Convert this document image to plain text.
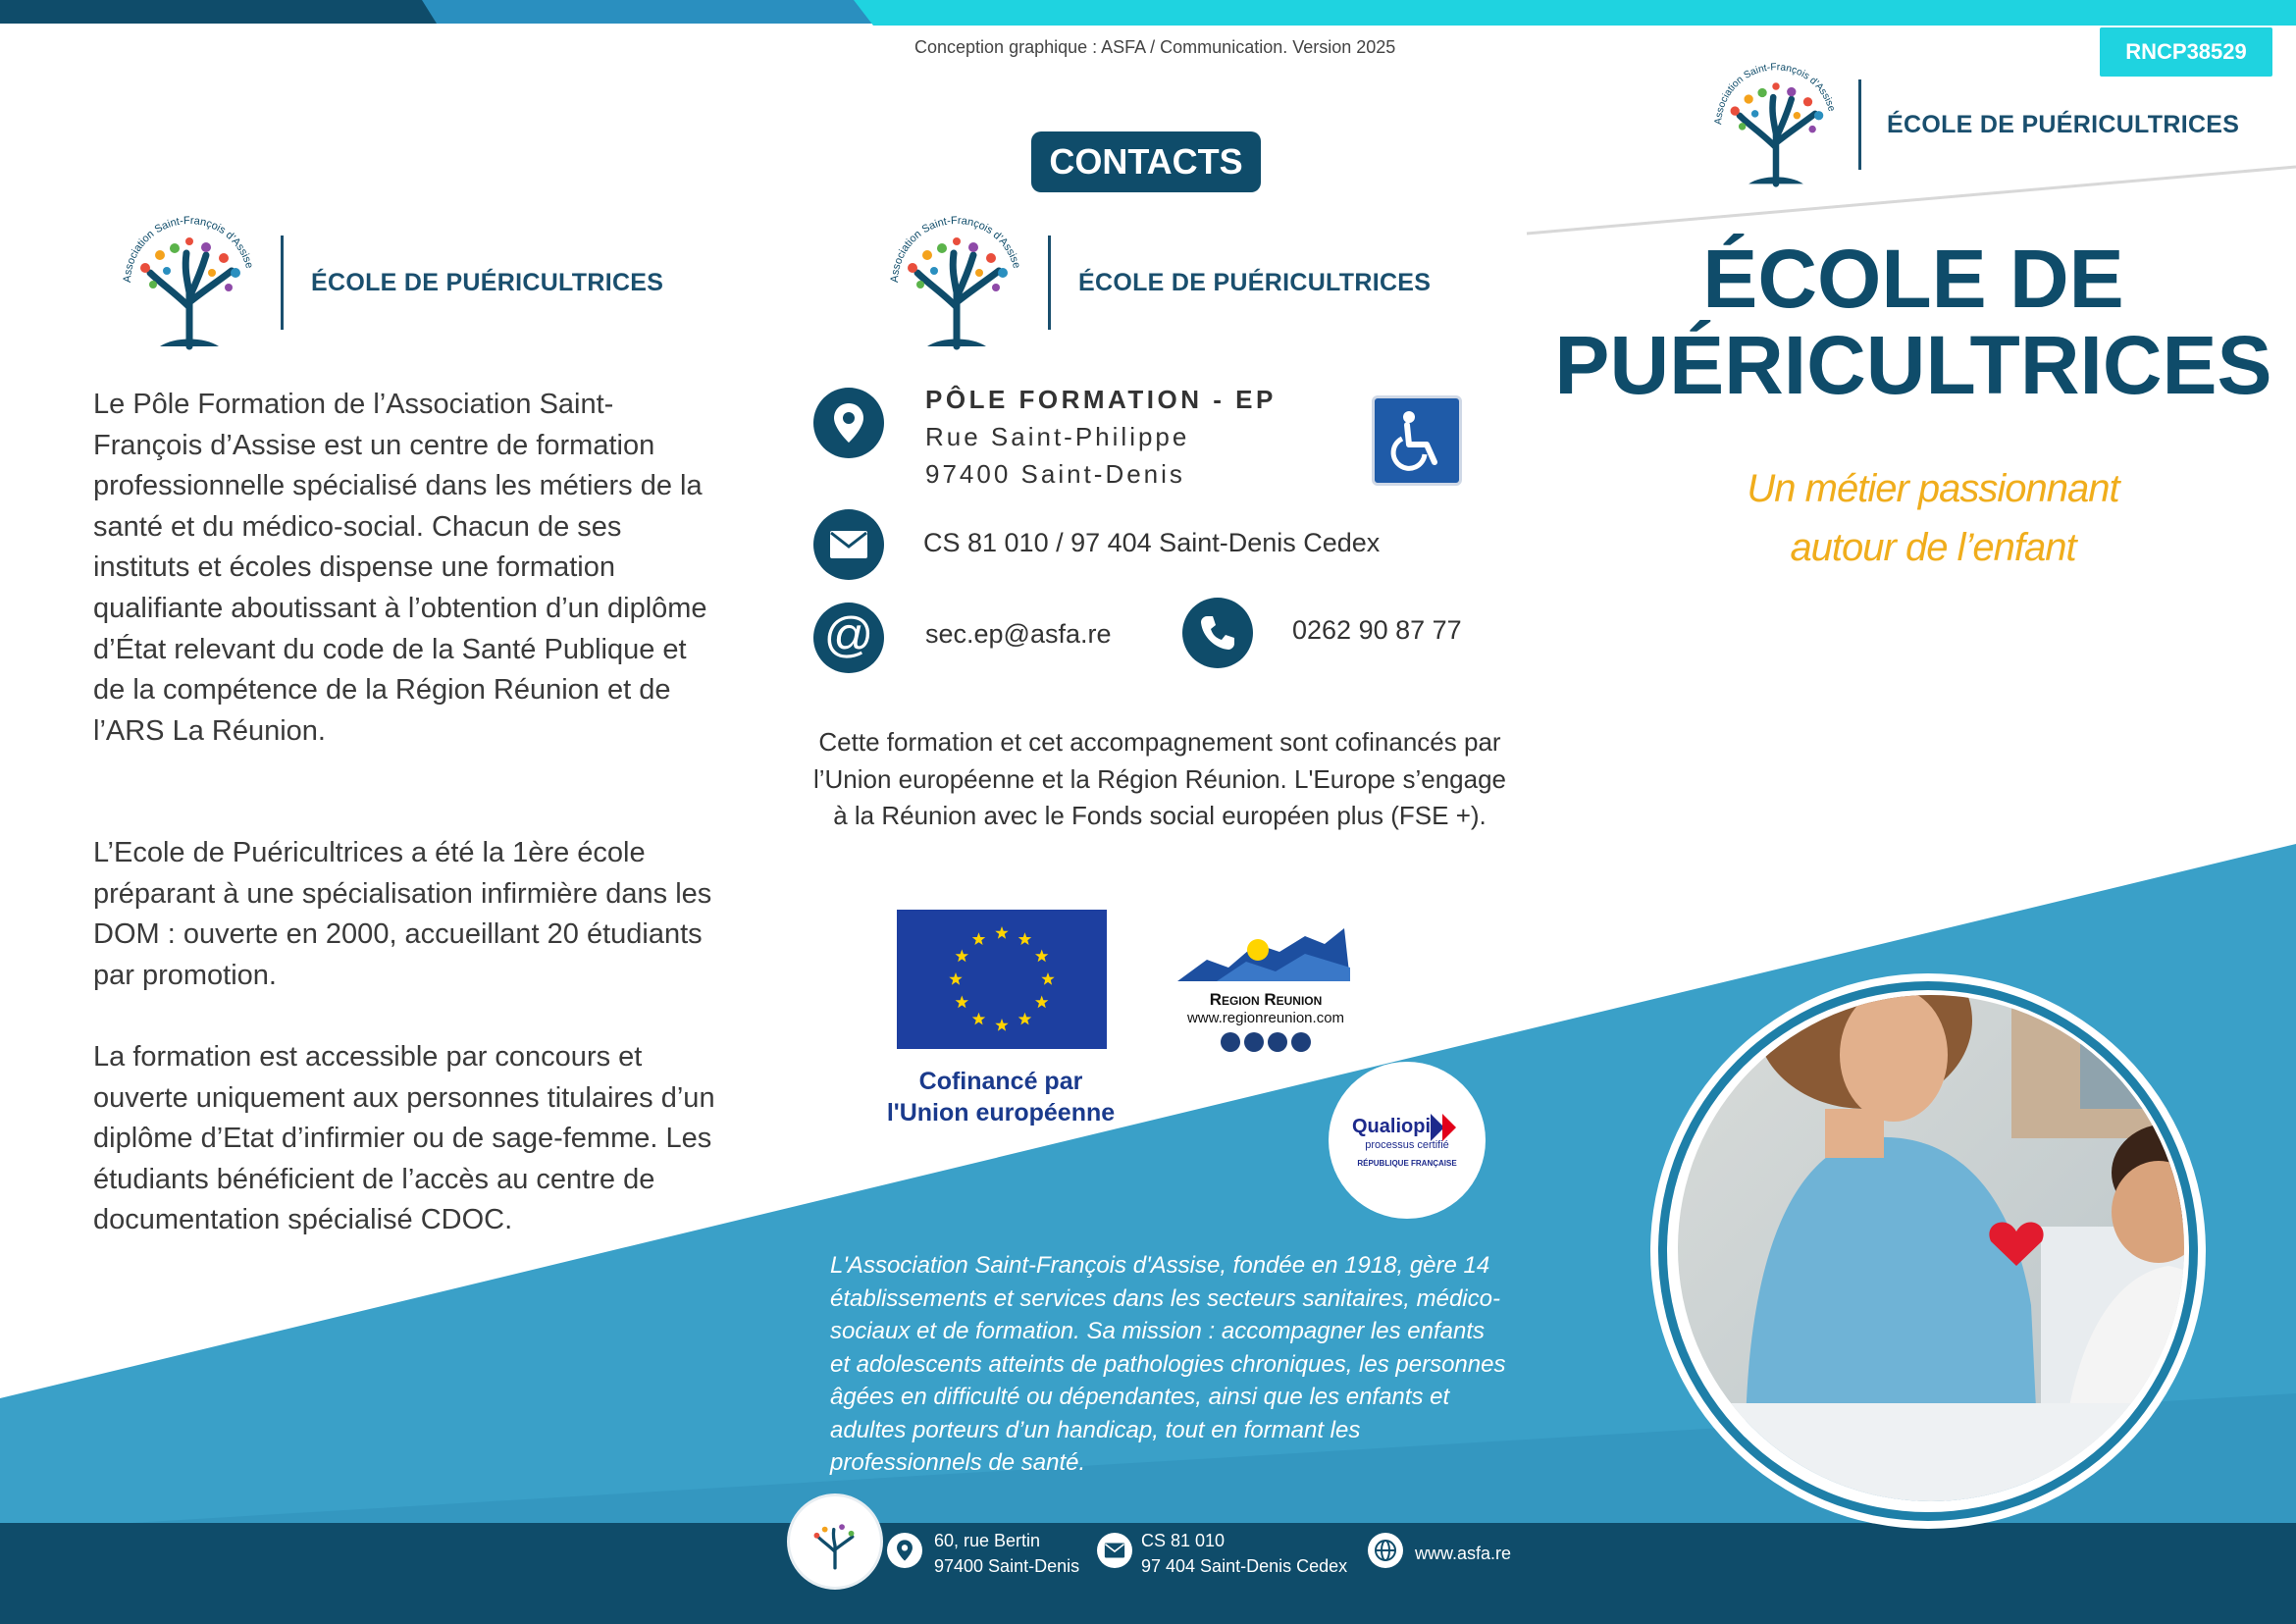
Conception graphique : ASFA / Communication. Version 2025	RNCP38529
Association Saint-François d'Assise
ÉCOLE DE PUÉRICULTRICES	Association Saint-François d'Assise
ÉCOLE DE PUÉRICULTRICES
Association Saint-François d'Assise
ÉCOLE DE PUÉRICULTRICES
Le Pôle Formation de l’Association Saint-François d’Assise est un centre de formation professionnelle spécialisé dans les métiers de la santé et du médico-social. Chacun de ses instituts et écoles dispense une formation qualifiante aboutissant à l’obtention d’un diplôme d’État relevant du code de la Santé Publique et de la compétence de la Région Réunion et de l’ARS La Réunion.
L’Ecole de Puéricultrices a été la 1ère école préparant à une spécialisation infirmière dans les DOM : ouverte en 2000, accueillant 20 étudiants par promotion.
La formation est accessible par concours et ouverte uniquement aux personnes titulaires d’un diplôme d’Etat d’infirmier ou de sage-femme. Les étudiants bénéficient de l’accès au centre de documentation spécialisé CDOC.
CONTACTS
PÔLE FORMATION - EP
Rue Saint-Philippe
97400 Saint-Denis
CS 81 010 / 97 404 Saint-Denis Cedex
@ sec.ep@asfa.re	0262 90 87 77
Cette formation et cet accompagnement sont cofinancés par l’Union européenne et la Région Réunion. L'Europe s’engage à la Réunion avec le Fonds social européen plus (FSE +).
Cofinancé par
l'Union européenne
Region Reunion
www.regionreunion.com
Qualiopi
processus certifié
RÉPUBLIQUE FRANÇAISE
L'Association Saint-François d'Assise, fondée en 1918, gère 14 établissements et services dans les secteurs sanitaires, médico-sociaux et de formation. Sa mission : accompagner les enfants et adolescents atteints de pathologies chroniques, les personnes âgées en difficulté ou dépendantes, ainsi que les enfants et adultes porteurs d’un handicap, tout en formant les professionnels de santé.
ÉCOLE DE
PUÉRICULTRICES
Un métier passionnant
autour de l’enfant
60, rue Bertin
97400 Saint-Denis
CS 81 010
97 404 Saint-Denis Cedex
www.asfa.re
